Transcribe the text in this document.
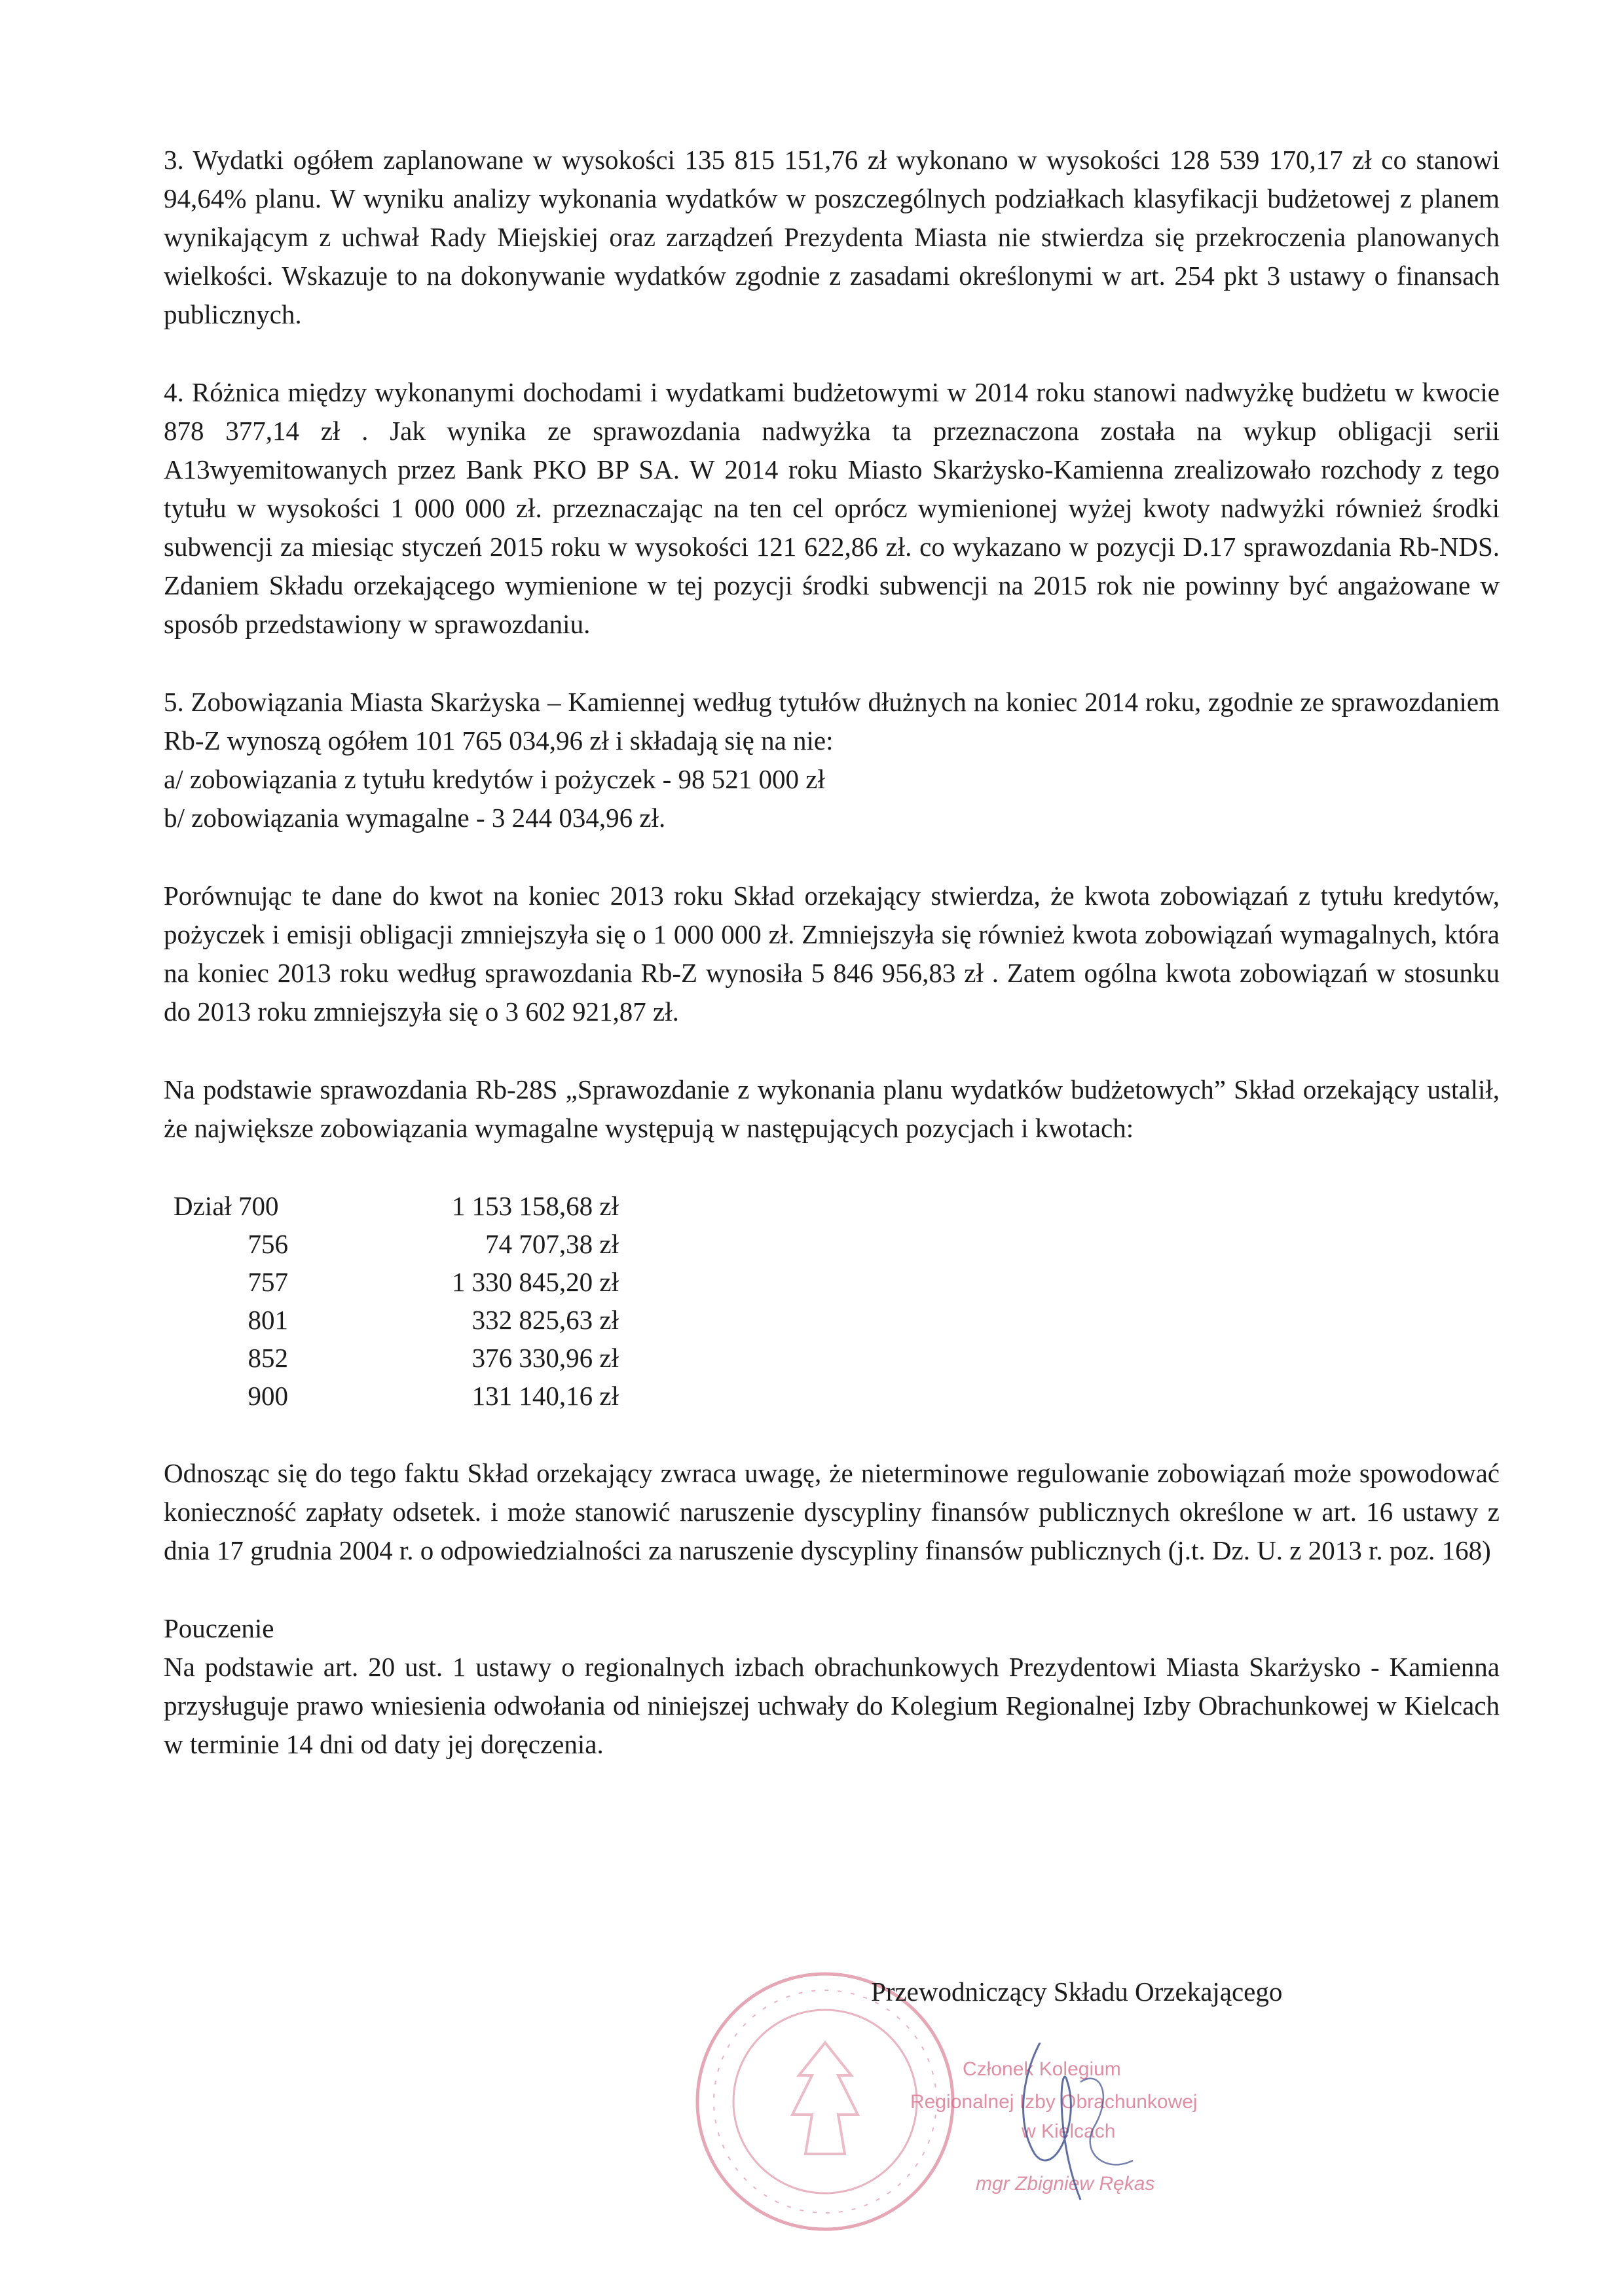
3. Wydatki ogółem zaplanowane w wysokości 135 815 151,76 zł wykonano w wysokości 128 539 170,17 zł co stanowi 94,64% planu. W wyniku analizy wykonania wydatków w poszczególnych podziałkach klasyfikacji budżetowej z planem wynikającym z uchwał Rady Miejskiej oraz zarządzeń Prezydenta Miasta nie stwierdza się przekroczenia planowanych wielkości. Wskazuje to na dokonywanie wydatków zgodnie z zasadami określonymi w art. 254 pkt 3 ustawy o finansach publicznych.

4. Różnica między wykonanymi dochodami i wydatkami budżetowymi w 2014 roku stanowi nadwyżkę budżetu w kwocie 878 377,14 zł . Jak wynika ze sprawozdania nadwyżka ta przeznaczona została na wykup obligacji serii A13wyemitowanych przez Bank PKO BP SA. W 2014 roku Miasto Skarżysko-Kamienna zrealizowało rozchody z tego tytułu w wysokości 1 000 000 zł. przeznaczając na ten cel oprócz wymienionej wyżej kwoty nadwyżki również środki subwencji za miesiąc styczeń 2015 roku w wysokości 121 622,86 zł. co wykazano w pozycji D.17 sprawozdania Rb-NDS. Zdaniem Składu orzekającego wymienione w tej pozycji środki subwencji na 2015 rok nie powinny być angażowane w sposób przedstawiony w sprawozdaniu.

5. Zobowiązania Miasta Skarżyska – Kamiennej według tytułów dłużnych na koniec 2014 roku, zgodnie ze sprawozdaniem Rb-Z wynoszą ogółem 101 765 034,96 zł i składają się na nie:

a/ zobowiązania z tytułu kredytów i pożyczek - 98 521 000 zł

b/ zobowiązania wymagalne - 3 244 034,96 zł.

Porównując te dane do kwot na koniec 2013 roku Skład orzekający stwierdza, że kwota zobowiązań z tytułu kredytów, pożyczek i emisji obligacji zmniejszyła się o 1 000 000 zł. Zmniejszyła się również kwota zobowiązań wymagalnych, która na koniec 2013 roku według sprawozdania Rb-Z wynosiła 5 846 956,83 zł . Zatem ogólna kwota zobowiązań w stosunku do 2013 roku zmniejszyła się o 3 602 921,87 zł.

Na podstawie sprawozdania Rb-28S „Sprawozdanie z wykonania planu wydatków budżetowych” Skład orzekający ustalił, że największe zobowiązania wymagalne występują w następujących pozycjach i kwotach:

Dział 700	1 153 158,68 zł
756	74 707,38 zł
757	1 330 845,20 zł
801	332 825,63 zł
852	376 330,96 zł
900	131 140,16 zł

Odnosząc się do tego faktu Skład orzekający zwraca uwagę, że nieterminowe regulowanie zobowiązań może spowodować konieczność zapłaty odsetek. i może stanowić naruszenie dyscypliny finansów publicznych określone w art. 16 ustawy z dnia 17 grudnia 2004 r. o odpowiedzialności za naruszenie dyscypliny finansów publicznych (j.t. Dz. U. z 2013 r. poz. 168)

Pouczenie

Na podstawie art. 20 ust. 1 ustawy o regionalnych izbach obrachunkowych Prezydentowi Miasta Skarżysko - Kamienna przysługuje prawo wniesienia odwołania od niniejszej uchwały do Kolegium Regionalnej Izby Obrachunkowej w Kielcach w terminie 14 dni od daty jej doręczenia.

Przewodniczący Składu Orzekającego
Członek Kolegium
Regionalnej Izby Obrachunkowej
w Kielcach
mgr Zbigniew Rękas
